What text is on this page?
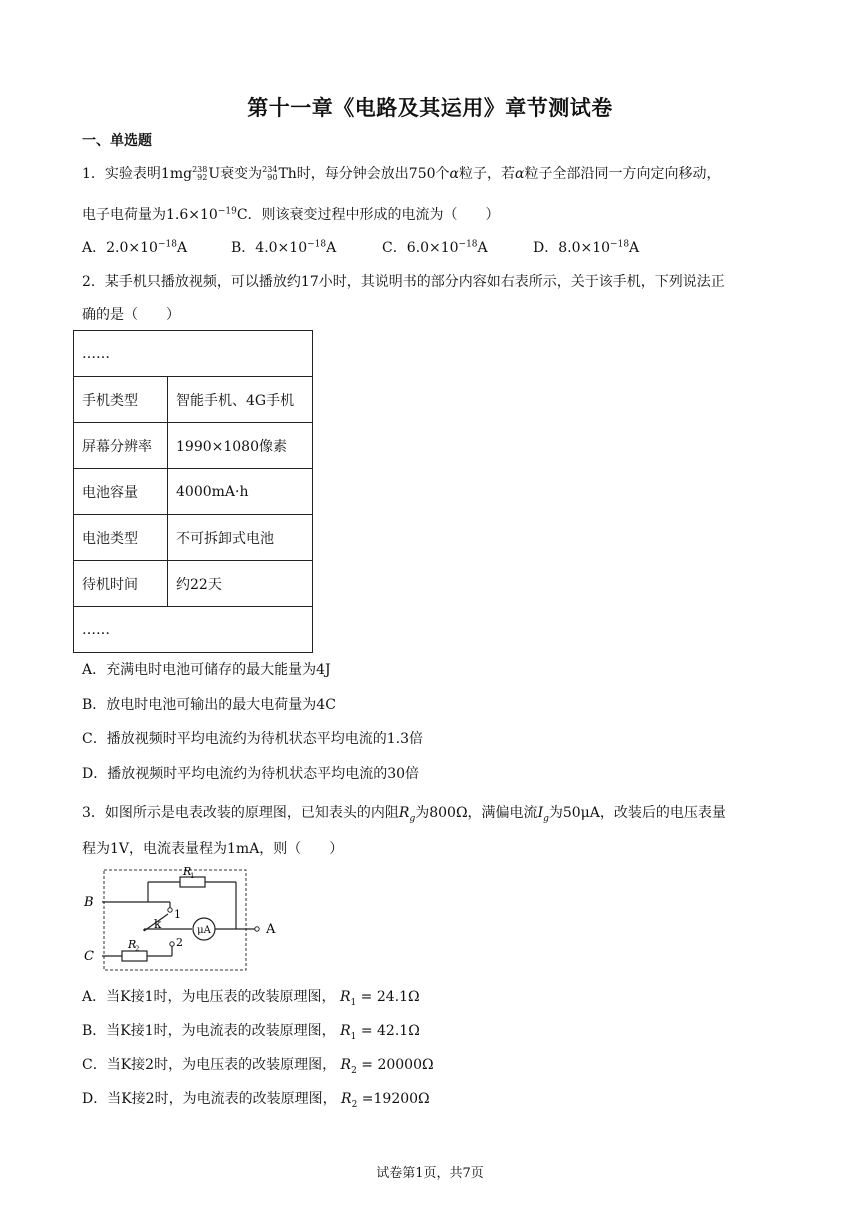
第十一章《电路及其运用》章节测试卷
一、单选题
1．实验表明1mg 238
92 U衰变为 234
90 Th时，每分钟会放出750个α粒子，若α粒子全部沿同一方向定向移动，
电子电荷量为$1.6\times 10^{-19}C$．则该衰变过程中形成的电流为（　　）
A．$2.0\times 10^{-18}A$	B．$4.0\times 10^{-18}A$	C．$6.0\times 10^{-18}A$	D．$8.0\times 10^{-18}A$
2．某手机只播放视频，可以播放约17小时，其说明书的部分内容如右表所示，关于该手机，下列说法正
确的是（　　）
……	
手机类型	智能手机、4G手机
屏幕分辨率	1990×1080像素
电池容量	4000mA·h
电池类型	不可拆卸式电池
待机时间	约22天
……	
A．充满电时电池可储存的最大能量为4J
B．放电时电池可输出的最大电荷量为4C
C．播放视频时平均电流约为待机状态平均电流的1.3倍
D．播放视频时平均电流约为待机状态平均电流的30倍
3．如图所示是电表改装的原理图，已知表头的内阻$R_g$为800Ω，满偏电流$I_g$为50μA，改装后的电压表量
程为1V，电流表量程为1mA，则（　　）
B
C
A
k
1
2
R
1
R
2
μA
A．当K接1时，为电压表的改装原理图， $R_1 = 24.1\Omega$
B．当K接1时，为电流表的改装原理图， $R_1 = 42.1\Omega$
C．当K接2时，为电压表的改装原理图， $R_2 = 20000\Omega$
D．当K接2时，为电流表的改装原理图， $R_2 =19200\Omega$
试卷第1页，共7页
